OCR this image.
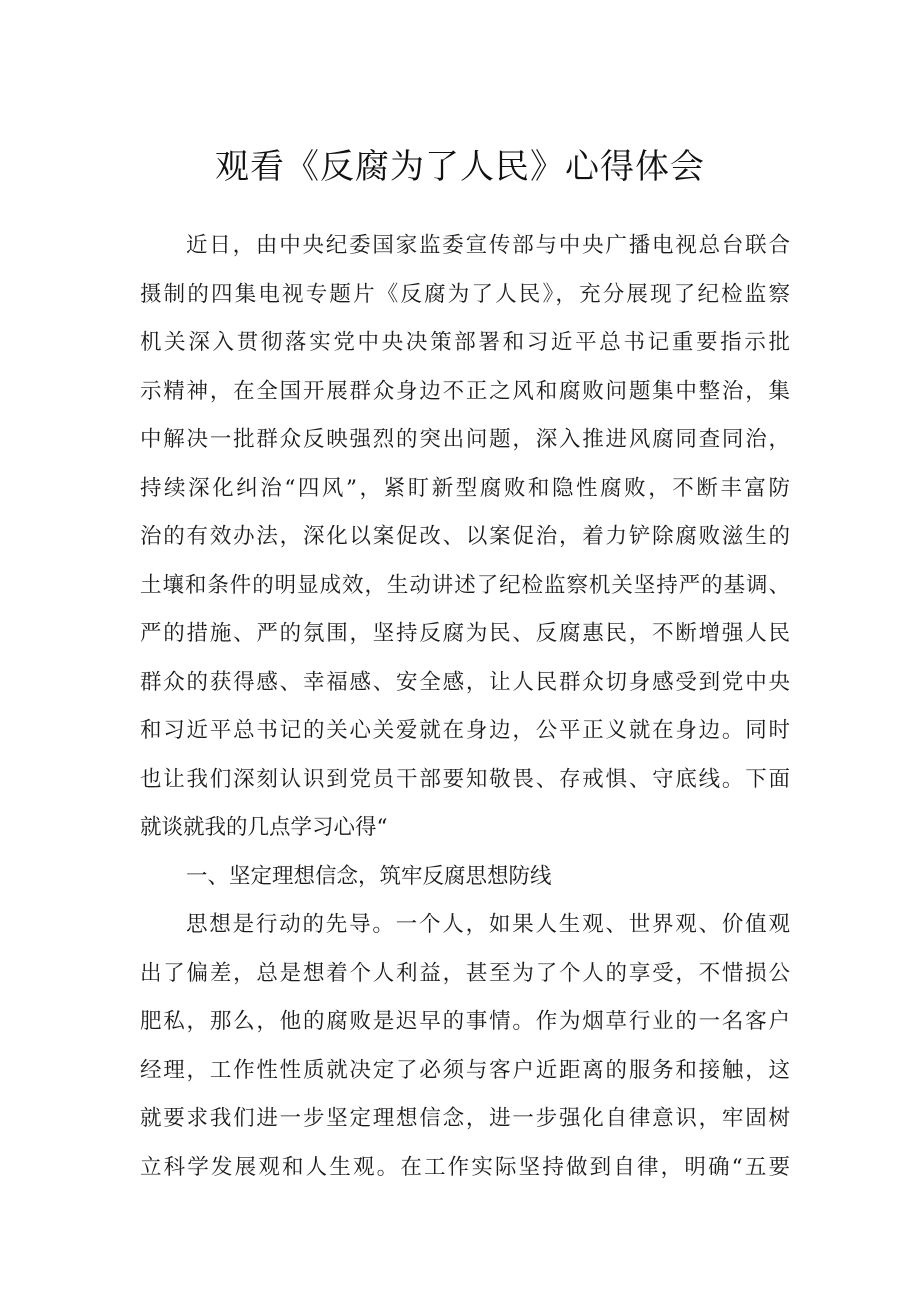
观看《反腐为了人民》心得体会
近日，由中央纪委国家监委宣传部与中央广播电视总台联合
摄制的四集电视专题片《反腐为了人民》，充分展现了纪检监察
机关深入贯彻落实党中央决策部署和习近平总书记重要指示批
示精神，在全国开展群众身边不正之风和腐败问题集中整治，集
中解决一批群众反映强烈的突出问题，深入推进风腐同查同治，
持续深化纠治“四风”，紧盯新型腐败和隐性腐败，不断丰富防
治的有效办法，深化以案促改、以案促治，着力铲除腐败滋生的
土壤和条件的明显成效，生动讲述了纪检监察机关坚持严的基调、
严的措施、严的氛围，坚持反腐为民、反腐惠民，不断增强人民
群众的获得感、幸福感、安全感，让人民群众切身感受到党中央
和习近平总书记的关心关爱就在身边，公平正义就在身边。同时
也让我们深刻认识到党员干部要知敬畏、存戒惧、守底线。下面
就谈就我的几点学习心得“
一、坚定理想信念，筑牢反腐思想防线
思想是行动的先导。一个人，如果人生观、世界观、价值观
出了偏差，总是想着个人利益，甚至为了个人的享受，不惜损公
肥私，那么，他的腐败是迟早的事情。作为烟草行业的一名客户
经理，工作性性质就决定了必须与客户近距离的服务和接触，这
就要求我们进一步坚定理想信念，进一步强化自律意识，牢固树
立科学发展观和人生观。在工作实际坚持做到自律，明确“五要
